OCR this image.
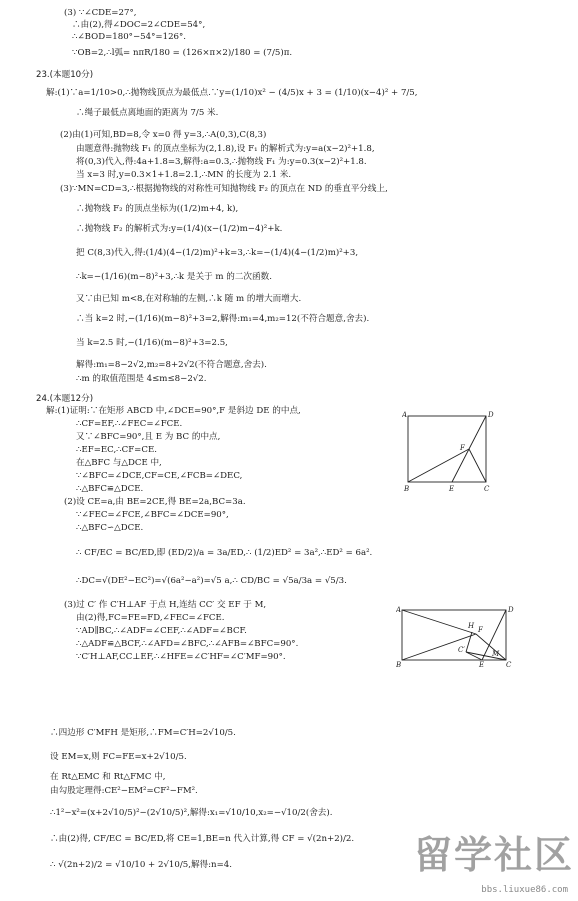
(3) ∵∠CDE=27°,
∴由(2),得∠DOC=2∠CDE=54°,
∴∠BOD=180°−54°=126°.
∵OB=2,∴l弧= nπR/180 = (126×π×2)/180 = (7/5)π.
23.(本题10分)
解:(1)∵a=1/10>0,∴抛物线顶点为最低点.∵y=(1/10)x² − (4/5)x + 3 = (1/10)(x−4)² + 7/5,
∴绳子最低点离地面的距离为 7/5 米.
(2)由(1)可知,BD=8,令 x=0 得 y=3,∴A(0,3),C(8,3)
由题意得:抛物线 F₁ 的顶点坐标为(2,1.8),设 F₁ 的解析式为:y=a(x−2)²+1.8,
将(0,3)代入,得:4a+1.8=3,解得:a=0.3,∴抛物线 F₁ 为:y=0.3(x−2)²+1.8.
当 x=3 时,y=0.3×1+1.8=2.1,∴MN 的长度为 2.1 米.
(3)∵MN=CD=3,∴根据抛物线的对称性可知抛物线 F₂ 的顶点在 ND 的垂直平分线上,
∴抛物线 F₂ 的顶点坐标为((1/2)m+4, k),
∴抛物线 F₂ 的解析式为:y=(1/4)(x−(1/2)m−4)²+k.
把 C(8,3)代入,得:(1/4)(4−(1/2)m)²+k=3,∴k=−(1/4)(4−(1/2)m)²+3,
∴k=−(1/16)(m−8)²+3,∴k 是关于 m 的二次函数.
又∵由已知 m<8,在对称轴的左侧,∴k 随 m 的增大而增大.
∴当 k=2 时,−(1/16)(m−8)²+3=2,解得:m₁=4,m₂=12(不符合题意,舍去).
当 k=2.5 时,−(1/16)(m−8)²+3=2.5,
解得:m₁=8−2√2,m₂=8+2√2(不符合题意,舍去).
∴m 的取值范围是 4≤m≤8−2√2.
24.(本题12分)
解:(1)证明:∵在矩形 ABCD 中,∠DCE=90°,F 是斜边 DE 的中点,
∴CF=EF,∴∠FEC=∠FCE.
又∵∠BFC=90°,且 E 为 BC 的中点,
∴EF=EC,∴CF=CE.
在△BFC 与△DCE 中,
∵∠BFC=∠DCE,CF=CE,∠FCB=∠DEC,
∴△BFC≌△DCE.
(2)设 CE=a,由 BE=2CE,得 BE=2a,BC=3a.
∵∠FEC=∠FCE,∠BFC=∠DCE=90°,
∴△BFC∽△DCE.
∴ CF/EC = BC/ED,即 (ED/2)/a = 3a/ED,∴ (1/2)ED² = 3a²,∴ED² = 6a².
∴DC=√(DE²−EC²)=√(6a²−a²)=√5 a,∴ CD/BC = √5a/3a = √5/3.
(3)过 C′ 作 C′H⊥AF 于点 H,连结 CC′ 交 EF 于 M,
由(2)得,FC=FE=FD,∠FEC=∠FCE.
∵AD∥BC,∴∠ADF=∠CEF,∴∠ADF=∠BCF.
∴△ADF≌△BCF,∴∠AFD=∠BFC,∴∠AFB=∠BFC=90°.
∵C′H⊥AF,CC⊥EF,∴∠HFE=∠C′HF=∠C′MF=90°.
∴四边形 C′MFH 是矩形,∴FM=C′H=2√10/5.
设 EM=x,则 FC=FE=x+2√10/5.
在 Rt△EMC 和 Rt△FMC 中,
由勾股定理得:CE²−EM²=CF²−FM².
∴1²−x²=(x+2√10/5)²−(2√10/5)²,解得:x₁=√10/10,x₂=−√10/2(舍去).
∴由(2)得, CF/EC = BC/ED,将 CE=1,BE=n 代入计算,得 CF = √(2n+2)/2.
∴ √(2n+2)/2 = √10/10 + 2√10/5,解得:n=4.
A	D
F
B	E	C
A	D
H F
C′	M
B	E	C
留学社区
bbs.liuxue86.com
